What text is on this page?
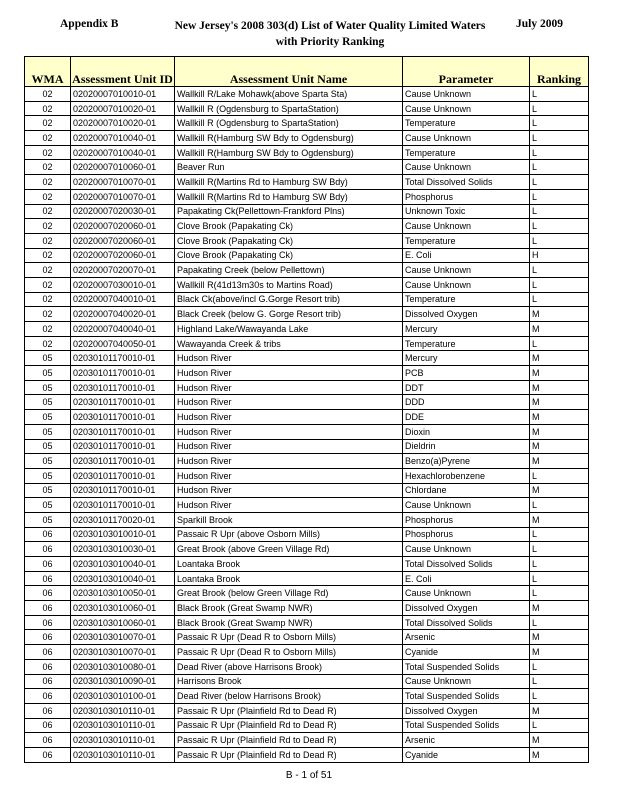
Appendix B	New Jersey's 2008 303(d) List of Water Quality Limited Waters
with Priority Ranking
July 2009
WMA	Assessment Unit ID	Assessment Unit Name	Parameter	Ranking
02	02020007010010-01	Wallkill R/Lake Mohawk(above Sparta Sta)	Cause Unknown	L
02	02020007010020-01	Wallkill R (Ogdensburg to SpartaStation)	Cause Unknown	L
02	02020007010020-01	Wallkill R (Ogdensburg to SpartaStation)	Temperature	L
02	02020007010040-01	Wallkill R(Hamburg SW Bdy to Ogdensburg)	Cause Unknown	L
02	02020007010040-01	Wallkill R(Hamburg SW Bdy to Ogdensburg)	Temperature	L
02	02020007010060-01	Beaver Run	Cause Unknown	L
02	02020007010070-01	Wallkill R(Martins Rd to Hamburg SW Bdy)	Total Dissolved Solids	L
02	02020007010070-01	Wallkill R(Martins Rd to Hamburg SW Bdy)	Phosphorus	L
02	02020007020030-01	Papakating Ck(Pellettown-Frankford Plns)	Unknown Toxic	L
02	02020007020060-01	Clove Brook (Papakating Ck)	Cause Unknown	L
02	02020007020060-01	Clove Brook (Papakating Ck)	Temperature	L
02	02020007020060-01	Clove Brook (Papakating Ck)	E. Coli	H
02	02020007020070-01	Papakating Creek (below Pellettown)	Cause Unknown	L
02	02020007030010-01	Wallkill R(41d13m30s to Martins Road)	Cause Unknown	L
02	02020007040010-01	Black Ck(above/incl G.Gorge Resort trib)	Temperature	L
02	02020007040020-01	Black Creek (below G. Gorge Resort trib)	Dissolved Oxygen	M
02	02020007040040-01	Highland Lake/Wawayanda Lake	Mercury	M
02	02020007040050-01	Wawayanda Creek & tribs	Temperature	L
05	02030101170010-01	Hudson River	Mercury	M
05	02030101170010-01	Hudson River	PCB	M
05	02030101170010-01	Hudson River	DDT	M
05	02030101170010-01	Hudson River	DDD	M
05	02030101170010-01	Hudson River	DDE	M
05	02030101170010-01	Hudson River	Dioxin	M
05	02030101170010-01	Hudson River	Dieldrin	M
05	02030101170010-01	Hudson River	Benzo(a)Pyrene	M
05	02030101170010-01	Hudson River	Hexachlorobenzene	L
05	02030101170010-01	Hudson River	Chlordane	M
05	02030101170010-01	Hudson River	Cause Unknown	L
05	02030101170020-01	Sparkill Brook	Phosphorus	M
06	02030103010010-01	Passaic R Upr (above Osborn Mills)	Phosphorus	L
06	02030103010030-01	Great Brook (above Green Village Rd)	Cause Unknown	L
06	02030103010040-01	Loantaka Brook	Total Dissolved Solids	L
06	02030103010040-01	Loantaka Brook	E. Coli	L
06	02030103010050-01	Great Brook (below Green Village Rd)	Cause Unknown	L
06	02030103010060-01	Black Brook (Great Swamp NWR)	Dissolved Oxygen	M
06	02030103010060-01	Black Brook (Great Swamp NWR)	Total Dissolved Solids	L
06	02030103010070-01	Passaic R Upr (Dead R to Osborn Mills)	Arsenic	M
06	02030103010070-01	Passaic R Upr (Dead R to Osborn Mills)	Cyanide	M
06	02030103010080-01	Dead River (above Harrisons Brook)	Total Suspended Solids	L
06	02030103010090-01	Harrisons Brook	Cause Unknown	L
06	02030103010100-01	Dead River (below Harrisons Brook)	Total Suspended Solids	L
06	02030103010110-01	Passaic R Upr (Plainfield Rd to Dead R)	Dissolved Oxygen	M
06	02030103010110-01	Passaic R Upr (Plainfield Rd to Dead R)	Total Suspended Solids	L
06	02030103010110-01	Passaic R Upr (Plainfield Rd to Dead R)	Arsenic	M
06	02030103010110-01	Passaic R Upr (Plainfield Rd to Dead R)	Cyanide	M
B - 1 of 51
